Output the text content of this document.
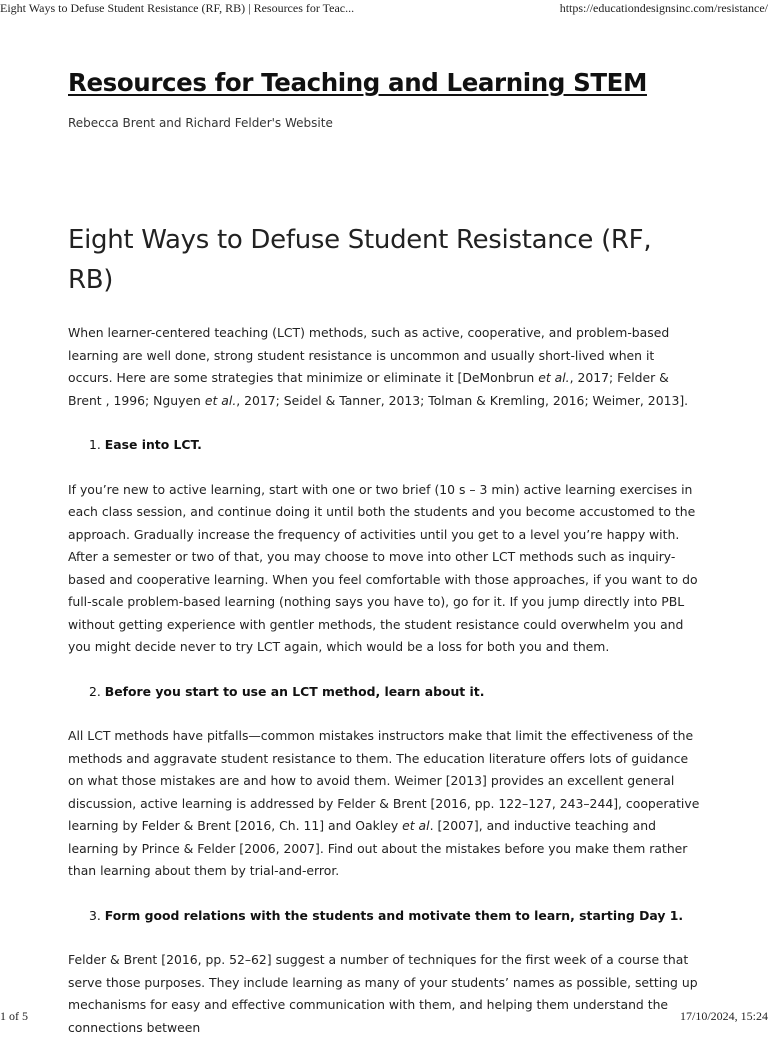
Eight Ways to Defuse Student Resistance (RF, RB) | Resources for Teac...	https://educationdesignsinc.com/resistance/
Resources for Teaching and Learning STEM

Rebecca Brent and Richard Felder's Website

Eight Ways to Defuse Student Resistance (RF, RB)

When learner-centered teaching (LCT) methods, such as active, cooperative, and problem-based learning are well done, strong student resistance is uncommon and usually short-lived when it occurs. Here are some strategies that minimize or eliminate it [DeMonbrun et al., 2017; Felder & Brent , 1996; Nguyen et al., 2017; Seidel & Tanner, 2013; Tolman & Kremling, 2016; Weimer, 2013].

1. Ease into LCT.

If you’re new to active learning, start with one or two brief (10 s – 3 min) active learning exercises in each class session, and continue doing it until both the students and you become accustomed to the approach. Gradually increase the frequency of activities until you get to a level you’re happy with. After a semester or two of that, you may choose to move into other LCT methods such as inquiry-based and cooperative learning. When you feel comfortable with those approaches, if you want to do full-scale problem-based learning (nothing says you have to), go for it. If you jump directly into PBL without getting experience with gentler methods, the student resistance could overwhelm you and you might decide never to try LCT again, which would be a loss for both you and them.

2. Before you start to use an LCT method, learn about it.

All LCT methods have pitfalls—common mistakes instructors make that limit the effectiveness of the methods and aggravate student resistance to them. The education literature offers lots of guidance on what those mistakes are and how to avoid them. Weimer [2013] provides an excellent general discussion, active learning is addressed by Felder & Brent [2016, pp. 122–127, 243–244], cooperative learning by Felder & Brent [2016, Ch. 11] and Oakley et al. [2007], and inductive teaching and learning by Prince & Felder [2006, 2007]. Find out about the mistakes before you make them rather than learning about them by trial-and-error.

3. Form good relations with the students and motivate them to learn, starting Day 1.

Felder & Brent [2016, pp. 52–62] suggest a number of techniques for the first week of a course that serve those purposes. They include learning as many of your students’ names as possible, setting up mechanisms for easy and effective communication with them, and helping them understand the connections between

1 of 5	17/10/2024, 15:24
